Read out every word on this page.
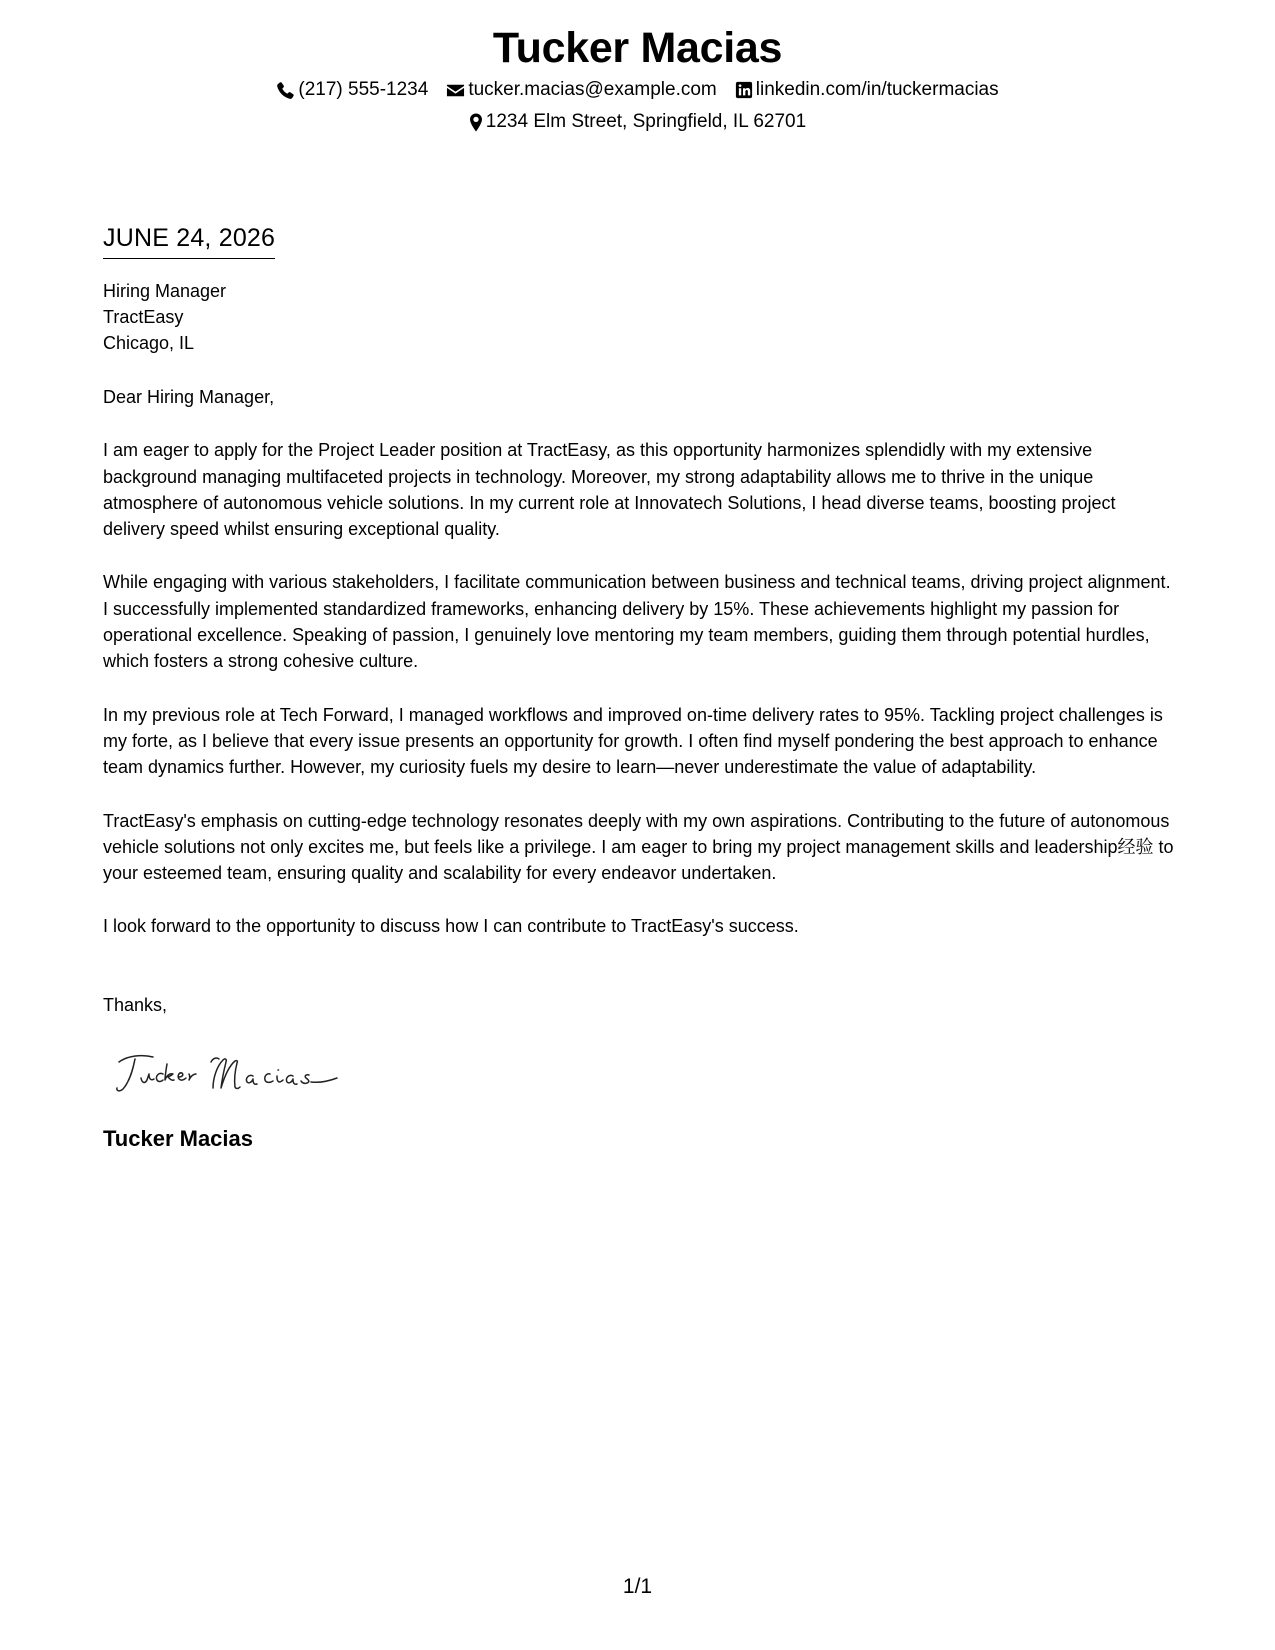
Tucker Macias
(217) 555-1234 tucker.macias@example.com linkedin.com/in/tuckermacias
1234 Elm Street, Springfield, IL 62701
JUNE 24, 2026
Hiring Manager
TractEasy
Chicago, IL
Dear Hiring Manager,
I am eager to apply for the Project Leader position at TractEasy, as this opportunity harmonizes splendidly with my extensive background managing multifaceted projects in technology. Moreover, my strong adaptability allows me to thrive in the unique atmosphere of autonomous vehicle solutions. In my current role at Innovatech Solutions, I head diverse teams, boosting project delivery speed whilst ensuring exceptional quality.
While engaging with various stakeholders, I facilitate communication between business and technical teams, driving project alignment. I successfully implemented standardized frameworks, enhancing delivery by 15%. These achievements highlight my passion for operational excellence. Speaking of passion, I genuinely love mentoring my team members, guiding them through potential hurdles, which fosters a strong cohesive culture.
In my previous role at Tech Forward, I managed workflows and improved on-time delivery rates to 95%. Tackling project challenges is my forte, as I believe that every issue presents an opportunity for growth. I often find myself pondering the best approach to enhance team dynamics further. However, my curiosity fuels my desire to learn—never underestimate the value of adaptability.
TractEasy's emphasis on cutting-edge technology resonates deeply with my own aspirations. Contributing to the future of autonomous vehicle solutions not only excites me, but feels like a privilege. I am eager to bring my project management skills and leadership经验 to your esteemed team, ensuring quality and scalability for every endeavor undertaken.
I look forward to the opportunity to discuss how I can contribute to TractEasy's success.
Thanks,
Tucker Macias
1/1
